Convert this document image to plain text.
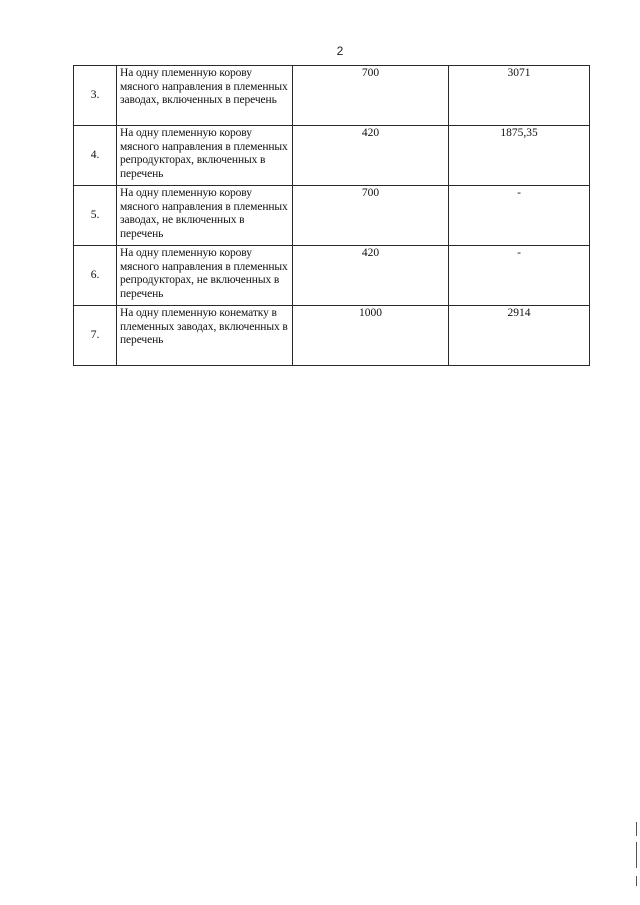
2
3.	На одну племенную корову мясного направления в племенных заводах, включенных в перечень	700	3071
4.	На одну племенную корову мясного направления в племенных репродукторах, включенных в перечень	420	1875,35
5.	На одну племенную корову мясного направления в племенных заводах, не включенных в перечень	700	-
6.	На одну племенную корову мясного направления в племенных репродукторах, не включенных в перечень	420	-
7.	На одну племенную конематку в племенных заводах, включенных в перечень	1000	2914
